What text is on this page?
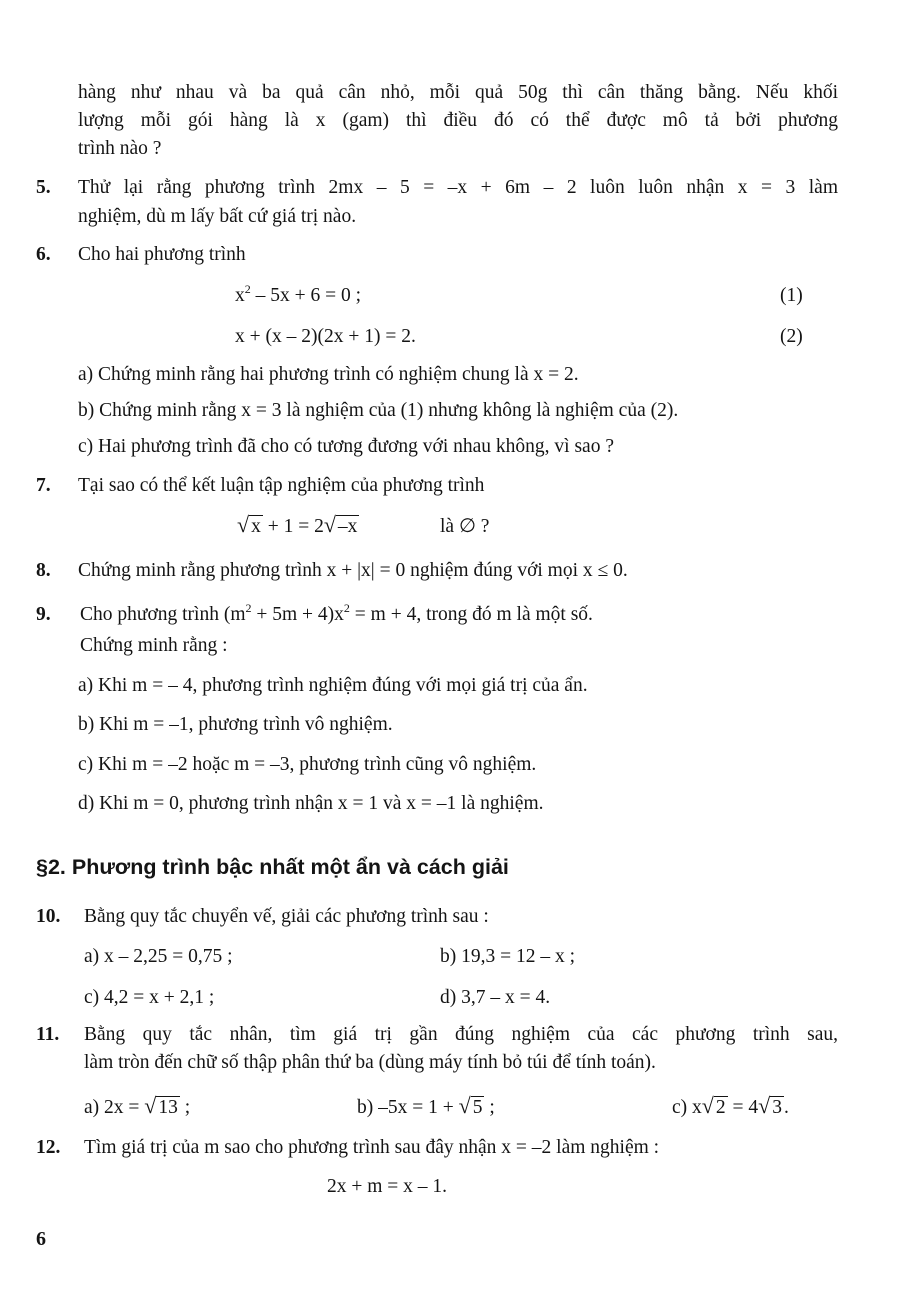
hàng như nhau và ba quả cân nhỏ, mỗi quả 50g thì cân thăng bằng. Nếu khối
lượng mỗi gói hàng là x (gam) thì điều đó có thể được mô tả bởi phương
trình nào ?
5. Thử lại rằng phương trình 2mx – 5 = –x + 6m – 2 luôn luôn nhận x = 3 làm
nghiệm, dù m lấy bất cứ giá trị nào.
6. Cho hai phương trình
$x^2 - 5x + 6 = 0$ ;	(1)
x + (x – 2)(2x + 1) = 2.	(2)
a) Chứng minh rằng hai phương trình có nghiệm chung là x = 2.
b) Chứng minh rằng x = 3 là nghiệm của (1) nhưng không là nghiệm của (2).
c) Hai phương trình đã cho có tương đương với nhau không, vì sao ?
7. Tại sao có thể kết luận tập nghiệm của phương trình
√ x + 1 = 2√ –x	là ∅ ?
8. Chứng minh rằng phương trình x + |x| = 0 nghiệm đúng với mọi x ≤ 0.
9. Cho phương trình $(m^2 + 5m + 4)x^2 = m + 4$, trong đó m là một số.
Chứng minh rằng :
a) Khi m = – 4, phương trình nghiệm đúng với mọi giá trị của ẩn.
b) Khi m = –1, phương trình vô nghiệm.
c) Khi m = –2 hoặc m = –3, phương trình cũng vô nghiệm.
d) Khi m = 0, phương trình nhận x = 1 và x = –1 là nghiệm.
§2. Phương trình bậc nhất một ẩn và cách giải
10. Bằng quy tắc chuyển vế, giải các phương trình sau :
a) x – 2,25 = 0,75 ;	b) 19,3 = 12 – x ;
c) 4,2 = x + 2,1 ;	d) 3,7 – x = 4.
11. Bằng quy tắc nhân, tìm giá trị gần đúng nghiệm của các phương trình sau,
làm tròn đến chữ số thập phân thứ ba (dùng máy tính bỏ túi để tính toán).
a) 2x = √ 13 ;	b) –5x = 1 + √ 5 ;	c) x√ 2 = 4√ 3 .
12. Tìm giá trị của m sao cho phương trình sau đây nhận x = –2 làm nghiệm :
2x + m = x – 1.
6
